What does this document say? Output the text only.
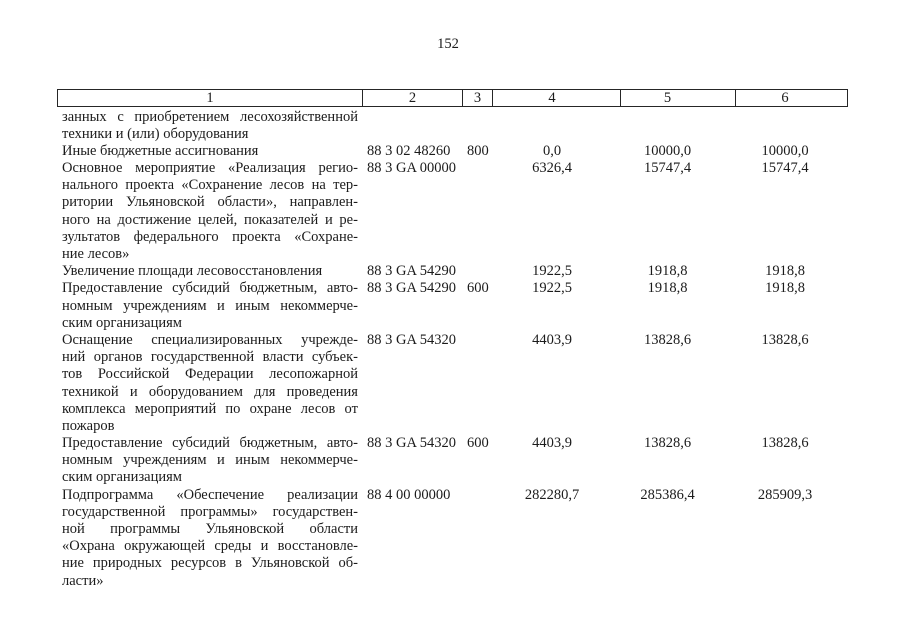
152
1	2	3	4	5	6
занных с приобретением лесохозяйственной
техники и (или) оборудования
Иные бюджетные ассигнования	88 3 02 48260 800	0,0	10000,0	10000,0
Основное мероприятие «Реализация регио-
нального проекта «Сохранение лесов на тер-
ритории Ульяновской области», направлен-
ного на достижение целей, показателей и ре-
зультатов федерального проекта «Сохране-
ние лесов»
88 3 GA 00000	6326,4	15747,4	15747,4
Увеличение площади лесовосстановления	88 3 GA 54290	1922,5	1918,8	1918,8
Предоставление субсидий бюджетным, авто-
номным учреждениям и иным некоммерче-
ским организациям
88 3 GA 54290 600	1922,5	1918,8	1918,8
Оснащение специализированных учрежде-
ний органов государственной власти субъек-
тов Российской Федерации лесопожарной
техникой и оборудованием для проведения
комплекса мероприятий по охране лесов от
пожаров
88 3 GA 54320	4403,9	13828,6	13828,6
Предоставление субсидий бюджетным, авто-
номным учреждениям и иным некоммерче-
ским организациям
88 3 GA 54320 600	4403,9	13828,6	13828,6
Подпрограмма «Обеспечение реализации
государственной программы» государствен-
ной программы Ульяновской области
«Охрана окружающей среды и восстановле-
ние природных ресурсов в Ульяновской об-
ласти»
88 4 00 00000	282280,7	285386,4	285909,3
